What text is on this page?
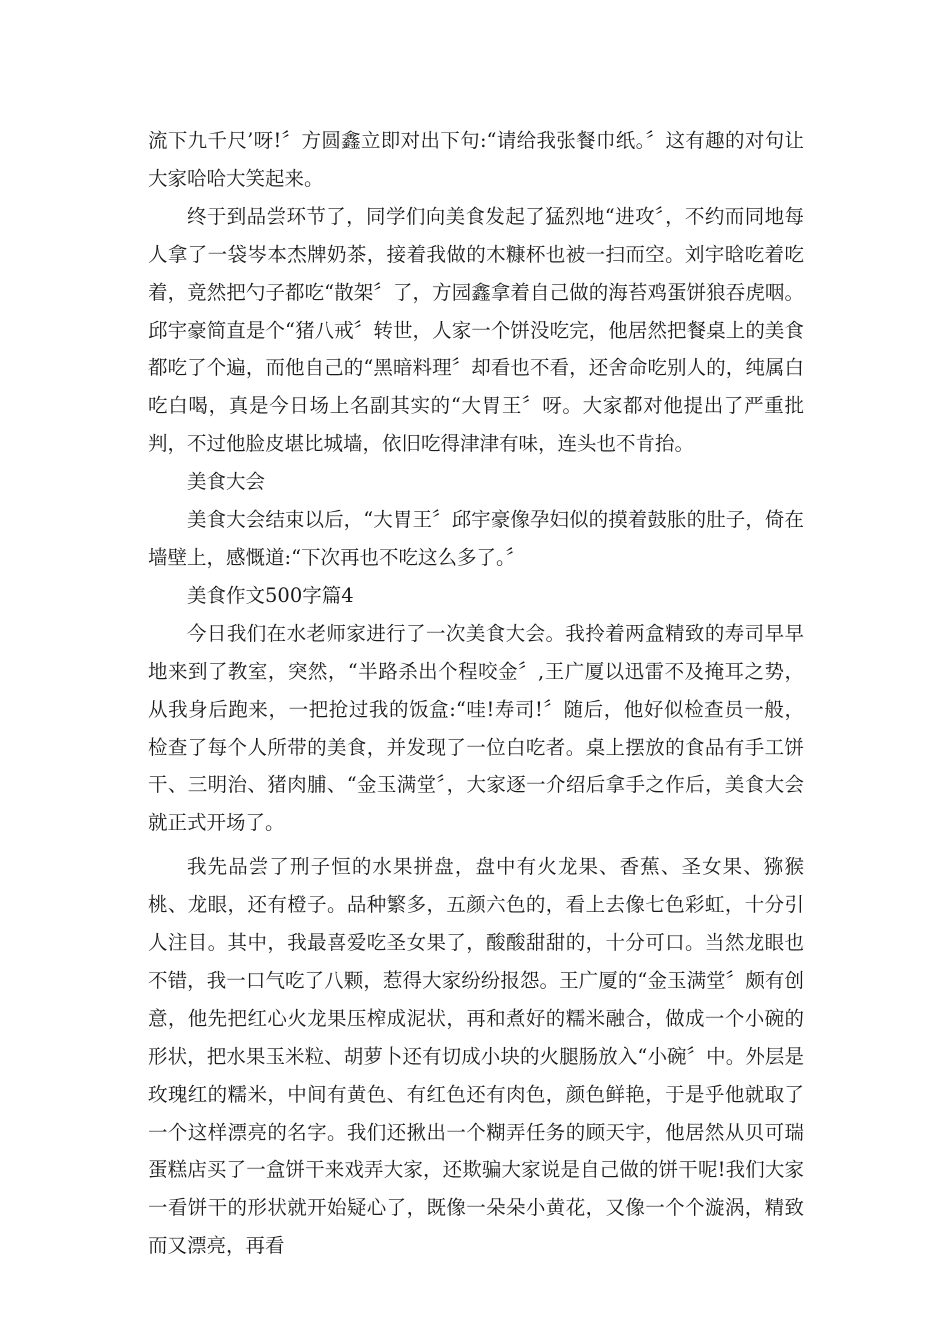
流下九千尺’呀!〞方圆鑫立即对出下句:“请给我张餐巾纸。〞这有趣的对句让大家哈哈大笑起来。

终于到品尝环节了，同学们向美食发起了猛烈地“进攻〞，不约而同地每人拿了一袋岑本杰牌奶茶，接着我做的木糠杯也被一扫而空。刘宇晗吃着吃着，竟然把勺子都吃“散架〞了，方园鑫拿着自己做的海苔鸡蛋饼狼吞虎咽。邱宇豪简直是个“猪八戒〞转世，人家一个饼没吃完，他居然把餐桌上的美食都吃了个遍，而他自己的“黑暗料理〞却看也不看，还舍命吃别人的，纯属白吃白喝，真是今日场上名副其实的“大胃王〞呀。大家都对他提出了严重批判，不过他脸皮堪比城墙，依旧吃得津津有味，连头也不肯抬。

美食大会

美食大会结束以后，“大胃王〞邱宇豪像孕妇似的摸着鼓胀的肚子，倚在墙壁上，感慨道:“下次再也不吃这么多了。〞

美食作文500字篇4

今日我们在水老师家进行了一次美食大会。我拎着两盒精致的寿司早早地来到了教室，突然，“半路杀出个程咬金〞,王广厦以迅雷不及掩耳之势，从我身后跑来，一把抢过我的饭盒:“哇!寿司!〞随后，他好似检查员一般，检查了每个人所带的美食，并发现了一位白吃者。桌上摆放的食品有手工饼干、三明治、猪肉脯、“金玉满堂〞，大家逐一介绍后拿手之作后，美食大会就正式开场了。

我先品尝了刑子恒的水果拼盘，盘中有火龙果、香蕉、圣女果、猕猴桃、龙眼，还有橙子。品种繁多，五颜六色的，看上去像七色彩虹，十分引人注目。其中，我最喜爱吃圣女果了，酸酸甜甜的，十分可口。当然龙眼也不错，我一口气吃了八颗，惹得大家纷纷报怨。王广厦的“金玉满堂〞颇有创意，他先把红心火龙果压榨成泥状，再和煮好的糯米融合，做成一个小碗的形状，把水果玉米粒、胡萝卜还有切成小块的火腿肠放入“小碗〞中。外层是玫瑰红的糯米，中间有黄色、有红色还有肉色，颜色鲜艳，于是乎他就取了一个这样漂亮的名字。我们还揪出一个糊弄任务的顾天宇，他居然从贝可瑞蛋糕店买了一盒饼干来戏弄大家，还欺骗大家说是自己做的饼干呢!我们大家一看饼干的形状就开始疑心了，既像一朵朵小黄花，又像一个个漩涡，精致而又漂亮，再看
